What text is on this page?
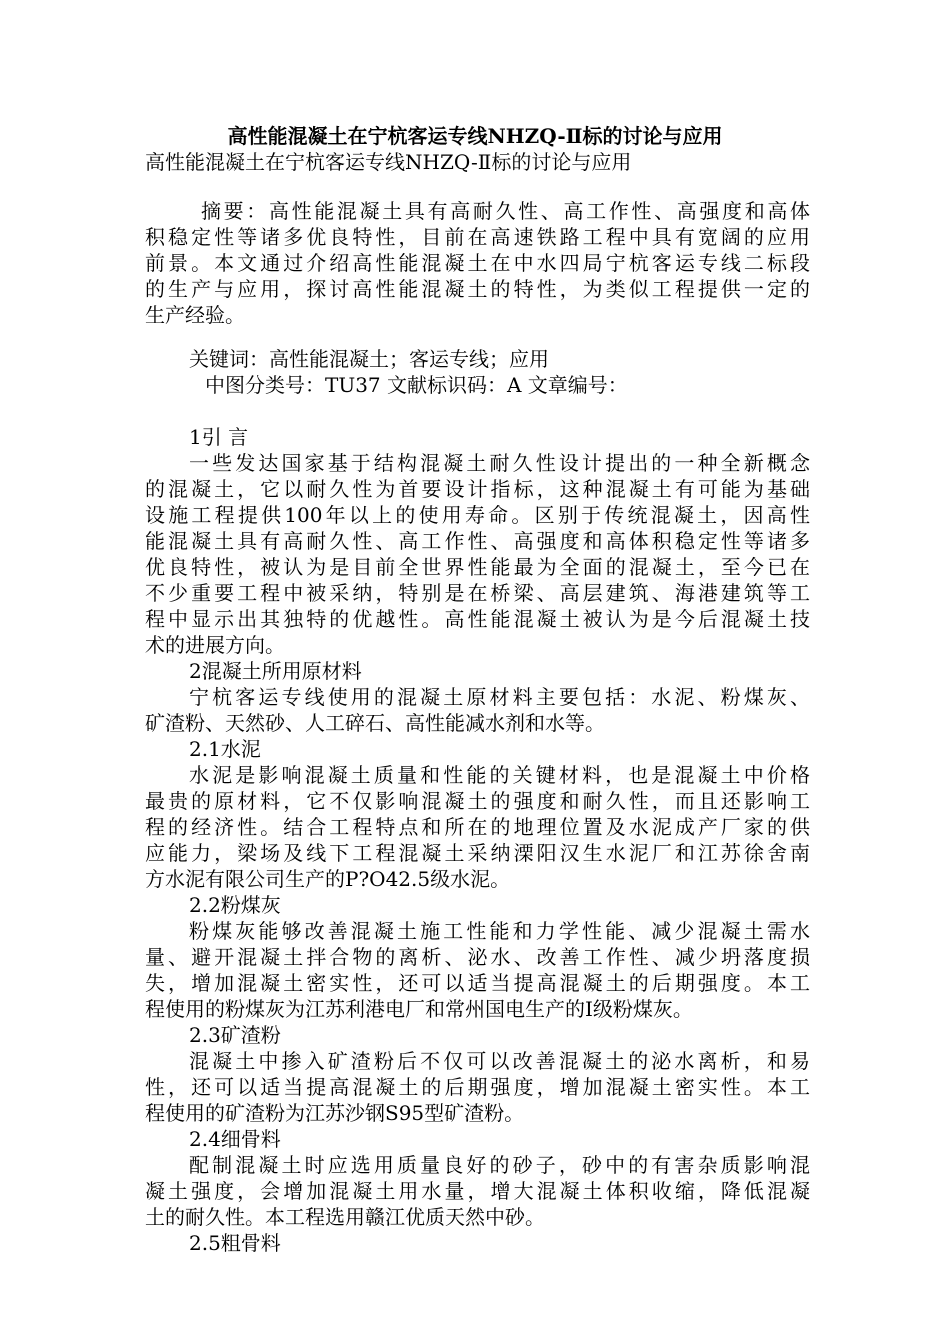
高性能混凝土在宁杭客运专线NHZQ-Ⅱ标的讨论与应用
高性能混凝土在宁杭客运专线NHZQ-Ⅱ标的讨论与应用
摘要：高性能混凝土具有高耐久性、高工作性、高强度和高体
积稳定性等诸多优良特性，目前在高速铁路工程中具有宽阔的应用
前景。本文通过介绍高性能混凝土在中水四局宁杭客运专线二标段
的生产与应用，探讨高性能混凝土的特性，为类似工程提供一定的
生产经验。
关键词：高性能混凝土；客运专线；应用
中图分类号：TU37 文献标识码：A 文章编号：
1引 言
一些发达国家基于结构混凝土耐久性设计提出的一种全新概念
的混凝土，它以耐久性为首要设计指标，这种混凝土有可能为基础
设施工程提供100年以上的使用寿命。区别于传统混凝土，因高性
能混凝土具有高耐久性、高工作性、高强度和高体积稳定性等诸多
优良特性，被认为是目前全世界性能最为全面的混凝土，至今已在
不少重要工程中被采纳，特别是在桥梁、高层建筑、海港建筑等工
程中显示出其独特的优越性。高性能混凝土被认为是今后混凝土技
术的进展方向。
2混凝土所用原材料
宁杭客运专线使用的混凝土原材料主要包括：水泥、粉煤灰、
矿渣粉、天然砂、人工碎石、高性能减水剂和水等。
2.1水泥
水泥是影响混凝土质量和性能的关键材料，也是混凝土中价格
最贵的原材料，它不仅影响混凝土的强度和耐久性，而且还影响工
程的经济性。结合工程特点和所在的地理位置及水泥成产厂家的供
应能力，梁场及线下工程混凝土采纳溧阳汉生水泥厂和江苏徐舍南
方水泥有限公司生产的P?O42.5级水泥。
2.2粉煤灰
粉煤灰能够改善混凝土施工性能和力学性能、减少混凝土需水
量、避开混凝土拌合物的离析、泌水、改善工作性、减少坍落度损
失，增加混凝土密实性，还可以适当提高混凝土的后期强度。本工
程使用的粉煤灰为江苏利港电厂和常州国电生产的Ⅰ级粉煤灰。
2.3矿渣粉
混凝土中掺入矿渣粉后不仅可以改善混凝土的泌水离析，和易
性，还可以适当提高混凝土的后期强度，增加混凝土密实性。本工
程使用的矿渣粉为江苏沙钢S95型矿渣粉。
2.4细骨料
配制混凝土时应选用质量良好的砂子，砂中的有害杂质影响混
凝土强度，会增加混凝土用水量，增大混凝土体积收缩，降低混凝
土的耐久性。本工程选用赣江优质天然中砂。
2.5粗骨料
